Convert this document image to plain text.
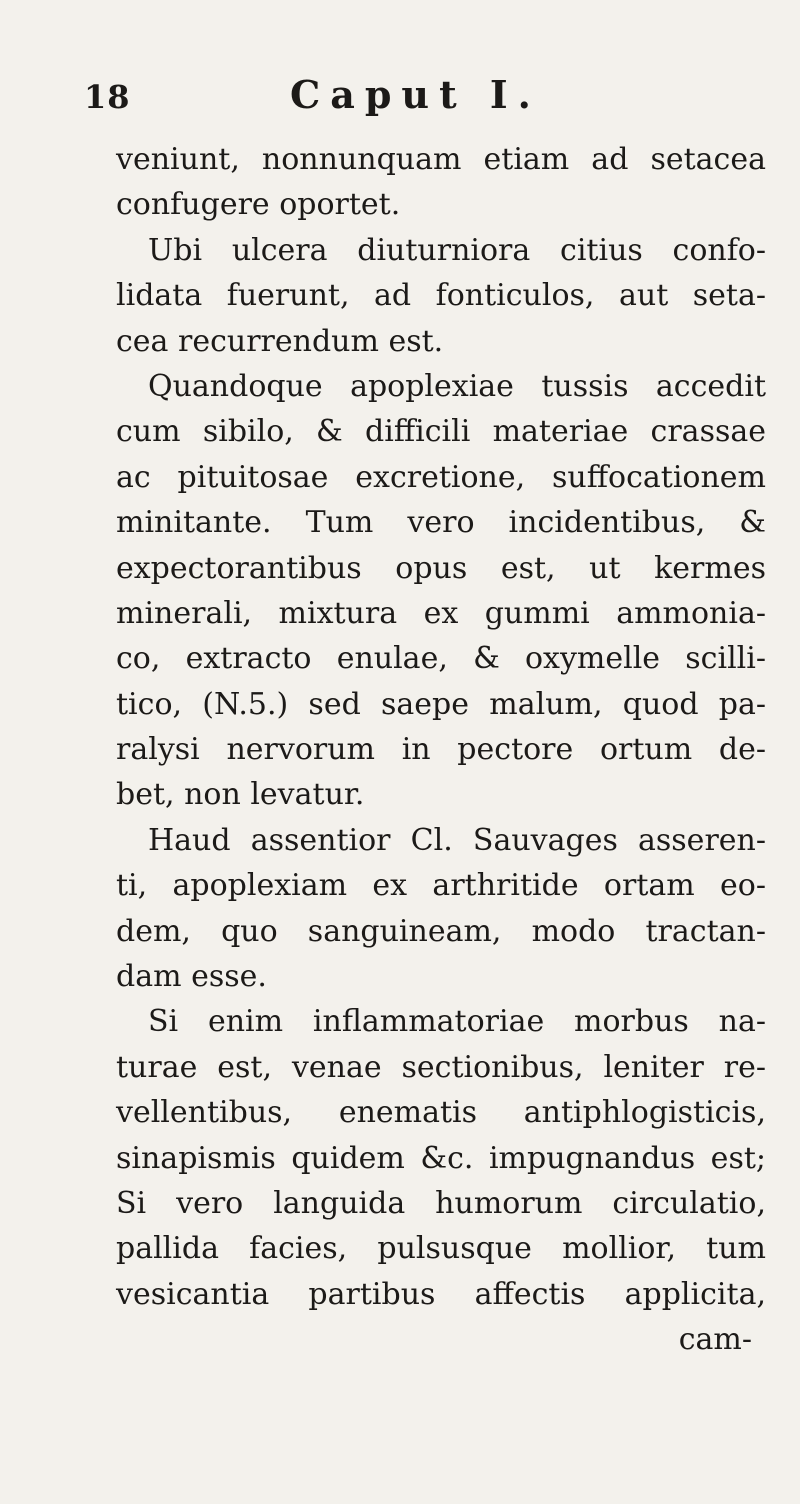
18	Caput I.
veniunt, nonnunquam etiam ad setacea
confugere oportet.
Ubi ulcera diuturniora citius confo-
lidata fuerunt, ad fonticulos, aut seta-
cea recurrendum est.
Quandoque apoplexiae tussis accedit
cum sibilo, & difficili materiae crassae
ac pituitosae excretione, suffocationem
minitante. Tum vero incidentibus, &
expectorantibus opus est, ut kermes
minerali, mixtura ex gummi ammonia-
co, extracto enulae, & oxymelle scilli-
tico, (N.5.) sed saepe malum, quod pa-
ralysi nervorum in pectore ortum de-
bet, non levatur.
Haud assentior Cl. Sauvages asseren-
ti, apoplexiam ex arthritide ortam eo-
dem, quo sanguineam, modo tractan-
dam esse.
Si enim inflammatoriae morbus na-
turae est, venae sectionibus, leniter re-
vellentibus, enematis antiphlogisticis,
sinapismis quidem &c. impugnandus est;
Si vero languida humorum circulatio,
pallida facies, pulsusque mollior, tum
vesicantia partibus affectis applicita,
cam-
